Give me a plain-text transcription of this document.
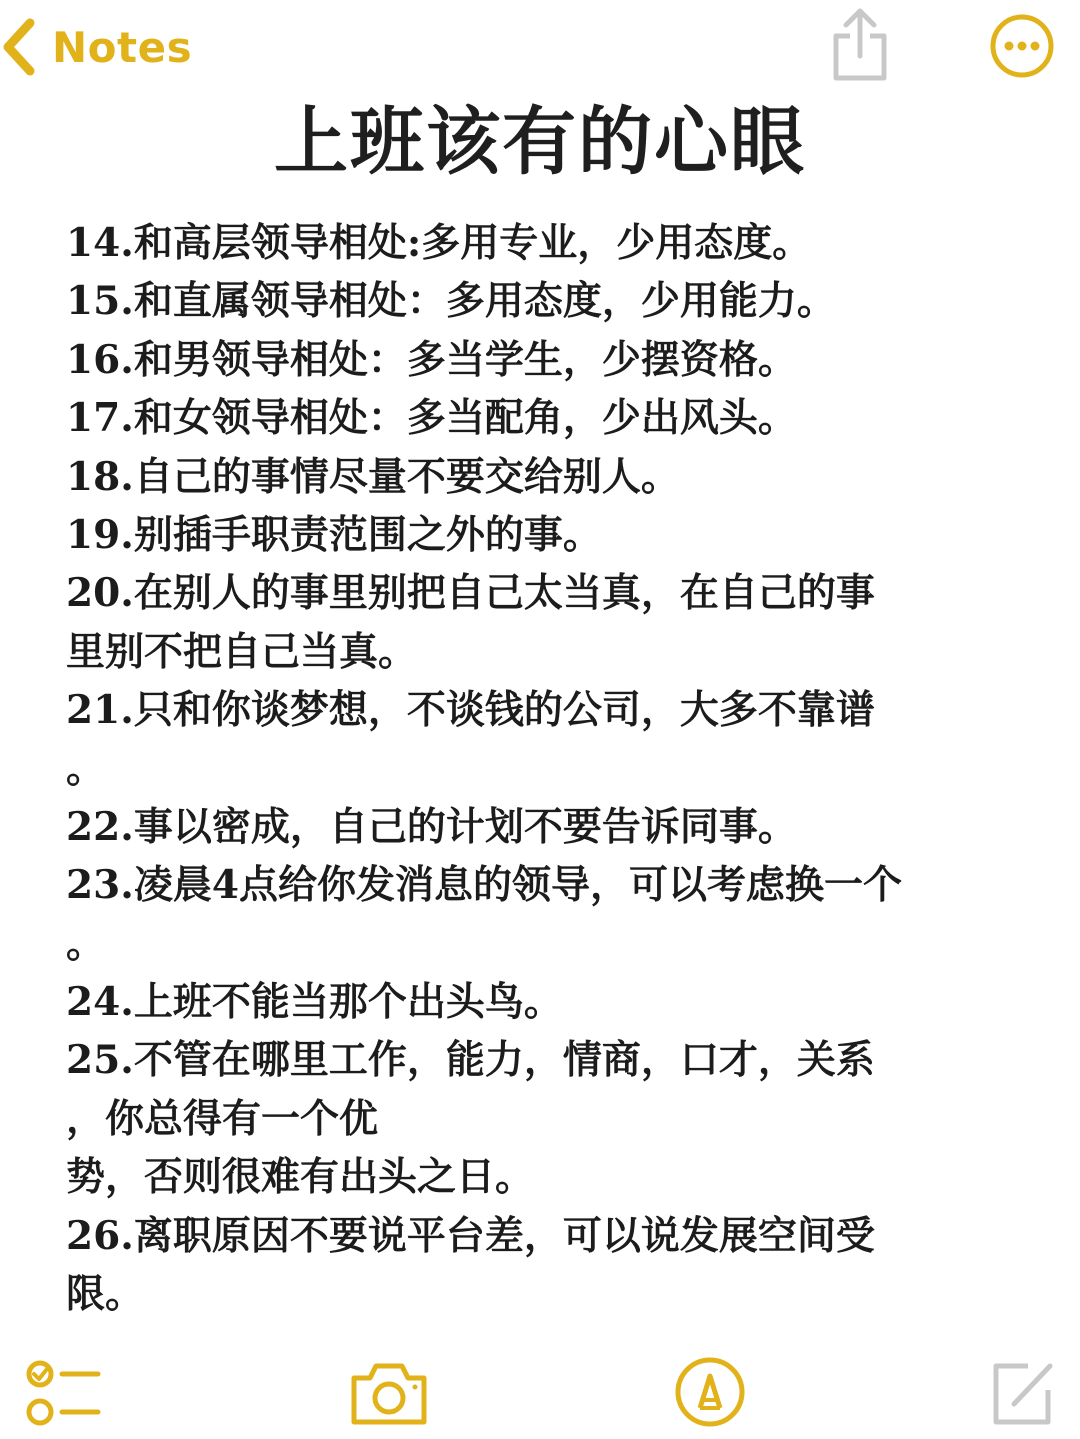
Notes
上班该有的心眼
14.和高层领导相处:多用专业，少用态度。
15.和直属领导相处：多用态度，少用能力。
16.和男领导相处：多当学生，少摆资格。
17.和女领导相处：多当配角，少出风头。
18.自己的事情尽量不要交给别人。
19.别插手职责范围之外的事。
20.在别人的事里别把自己太当真，在自己的事
里别不把自己当真。
21.只和你谈梦想，不谈钱的公司，大多不靠谱
。
22.事以密成，自己的计划不要告诉同事。
23.凌晨4点给你发消息的领导，可以考虑换一个
。
24.上班不能当那个出头鸟。
25.不管在哪里工作，能力，情商，口才，关系
，你总得有一个优
势，否则很难有出头之日。
26.离职原因不要说平台差，可以说发展空间受
限。
